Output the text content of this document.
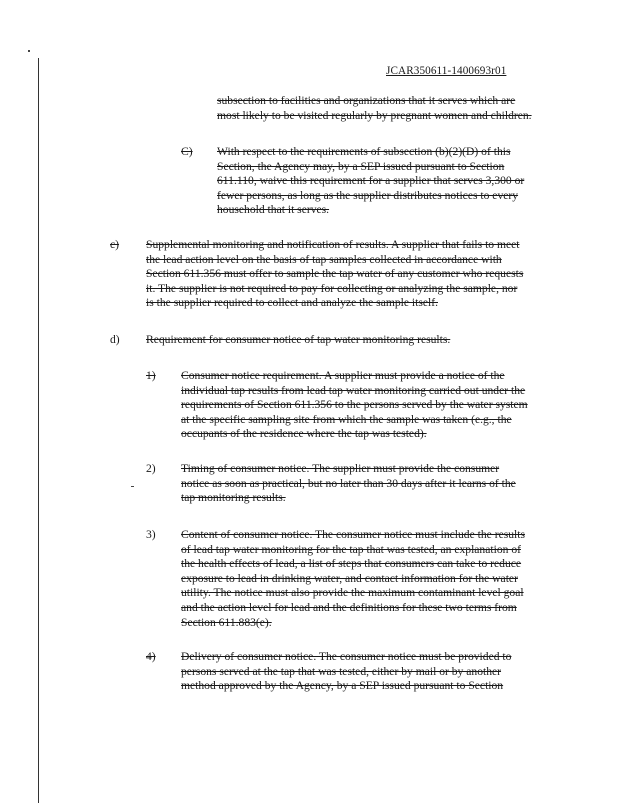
JCAR350611-1400693r01
subsection to facilities and organizations that it serves which are
most likely to be visited regularly by pregnant women and children.
C) With respect to the requirements of subsection (b)(2)(D) of this
Section, the Agency may, by a SEP issued pursuant to Section
611.110, waive this requirement for a supplier that serves 3,300 or
fewer persons, as long as the supplier distributes notices to every
household that it serves.
c) Supplemental monitoring and notification of results. A supplier that fails to meet
the lead action level on the basis of tap samples collected in accordance with
Section 611.356 must offer to sample the tap water of any customer who requests
it. The supplier is not required to pay for collecting or analyzing the sample, nor
is the supplier required to collect and analyze the sample itself.
d) Requirement for consumer notice of tap water monitoring results.
1) Consumer notice requirement. A supplier must provide a notice of the
individual tap results from lead tap water monitoring carried out under the
requirements of Section 611.356 to the persons served by the water system
at the specific sampling site from which the sample was taken (e.g., the
occupants of the residence where the tap was tested).
2) Timing of consumer notice. The supplier must provide the consumer
notice as soon as practical, but no later than 30 days after it learns of the
tap monitoring results.
3) Content of consumer notice. The consumer notice must include the results
of lead tap water monitoring for the tap that was tested, an explanation of
the health effects of lead, a list of steps that consumers can take to reduce
exposure to lead in drinking water, and contact information for the water
utility. The notice must also provide the maximum contaminant level goal
and the action level for lead and the definitions for these two terms from
Section 611.883(e).
4) Delivery of consumer notice. The consumer notice must be provided to
persons served at the tap that was tested, either by mail or by another
method approved by the Agency, by a SEP issued pursuant to Section
